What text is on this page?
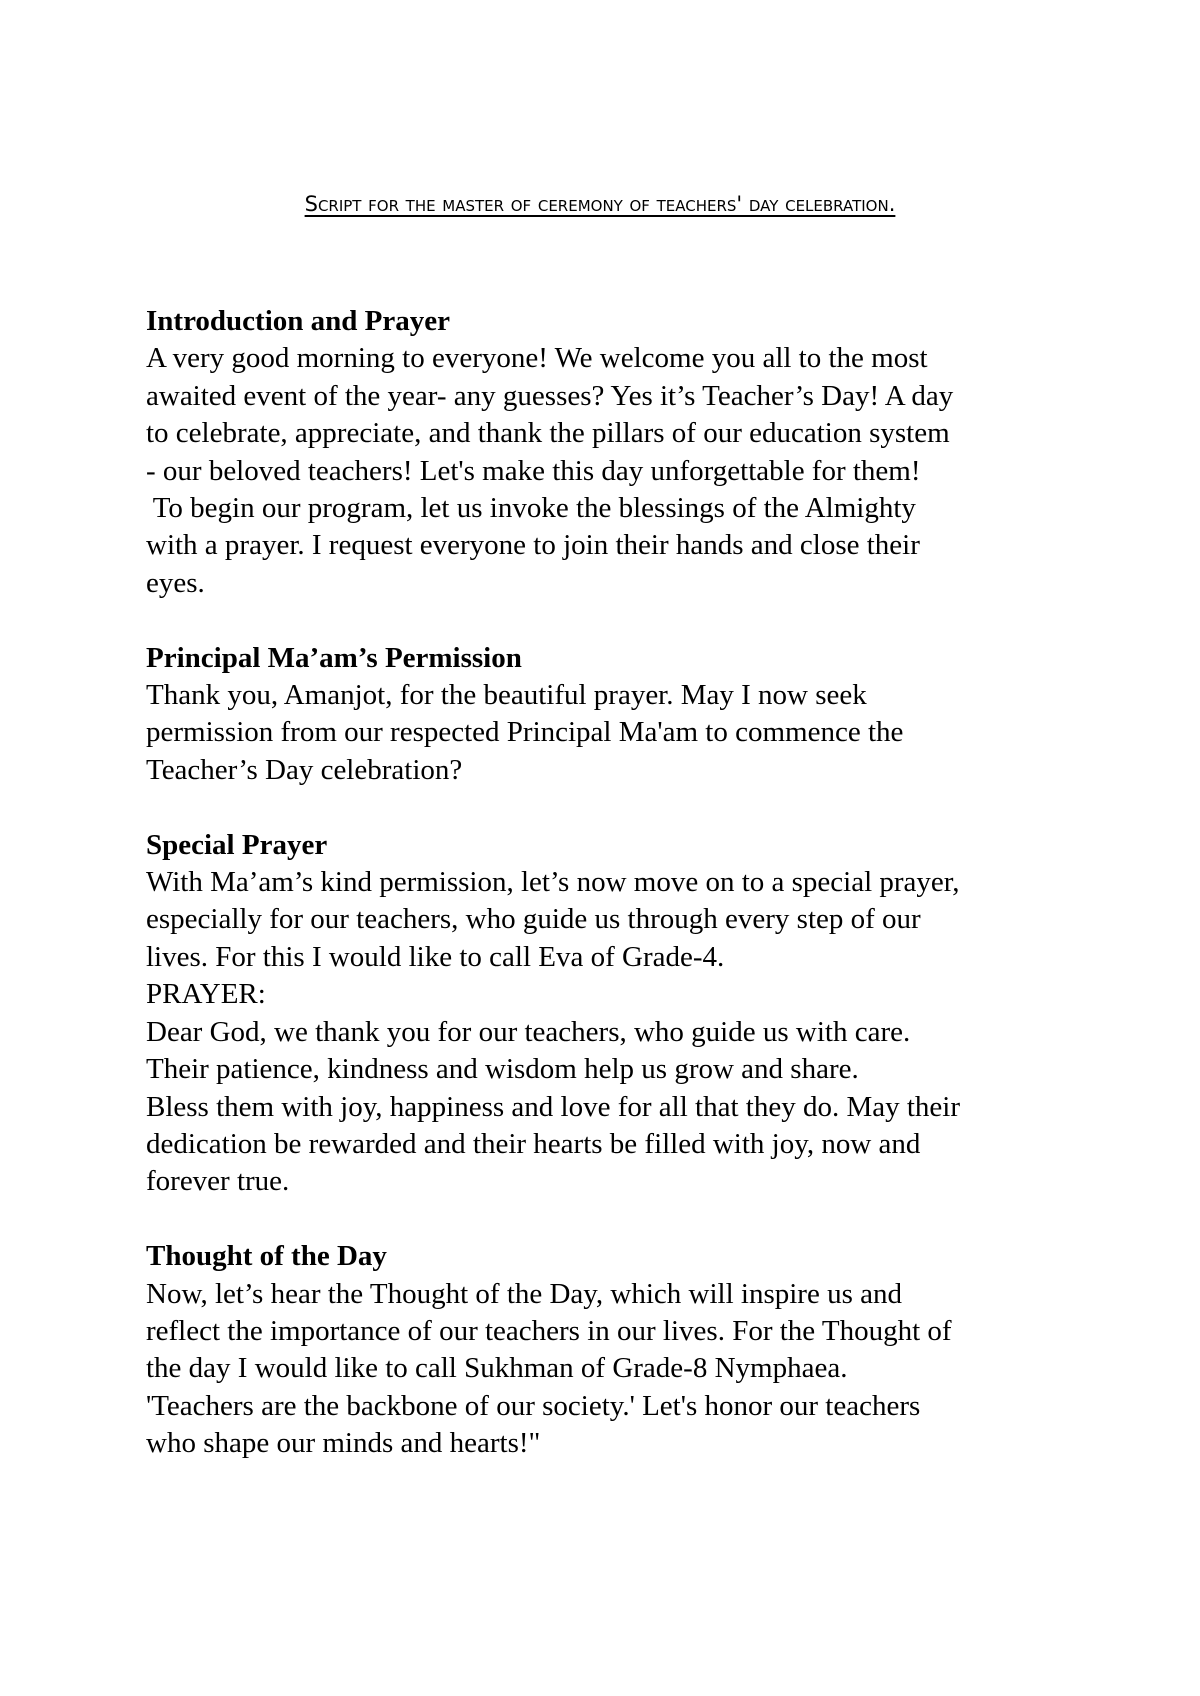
Script for the master of ceremony of teachers' day celebration.
Introduction and Prayer
A very good morning to everyone! We welcome you all to the most
awaited event of the year- any guesses? Yes it’s Teacher’s Day! A day
to celebrate, appreciate, and thank the pillars of our education system
- our beloved teachers! Let's make this day unforgettable for them!
To begin our program, let us invoke the blessings of the Almighty
with a prayer. I request everyone to join their hands and close their
eyes.
Principal Ma’am’s Permission
Thank you, Amanjot, for the beautiful prayer. May I now seek
permission from our respected Principal Ma'am to commence the
Teacher’s Day celebration?
Special Prayer
With Ma’am’s kind permission, let’s now move on to a special prayer,
especially for our teachers, who guide us through every step of our
lives. For this I would like to call Eva of Grade-4.
PRAYER:
Dear God, we thank you for our teachers, who guide us with care.
Their patience, kindness and wisdom help us grow and share.
Bless them with joy, happiness and love for all that they do. May their
dedication be rewarded and their hearts be filled with joy, now and
forever true.
Thought of the Day
Now, let’s hear the Thought of the Day, which will inspire us and
reflect the importance of our teachers in our lives. For the Thought of
the day I would like to call Sukhman of Grade-8 Nymphaea.
'Teachers are the backbone of our society.' Let's honor our teachers
who shape our minds and hearts!"
